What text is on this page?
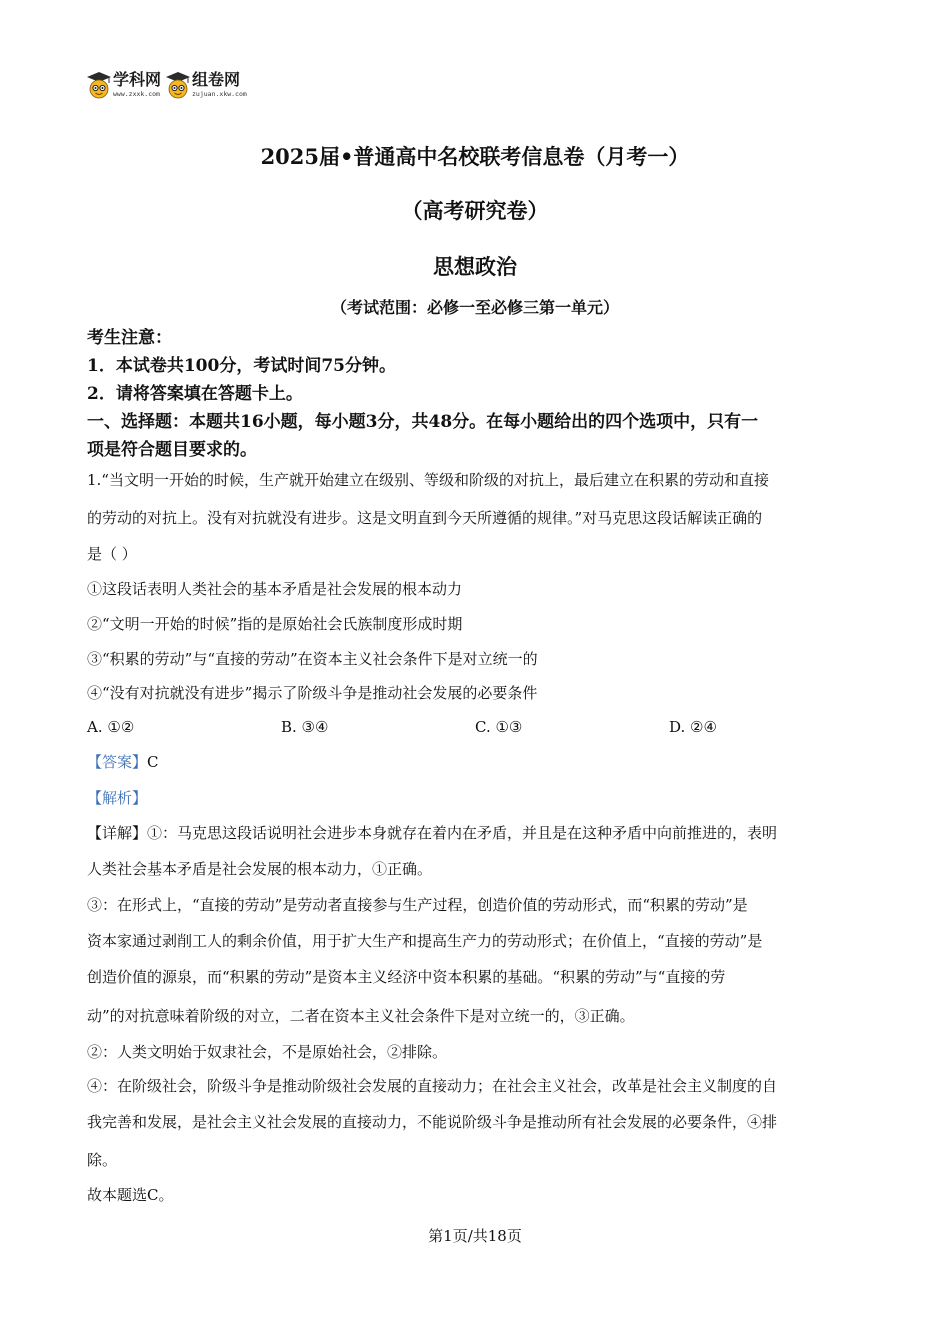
学科网
www.zxxk.com
组卷网
zujuan.xkw.com
2025届•普通高中名校联考信息卷（月考一）
（高考研究卷）
思想政治
（考试范围：必修一至必修三第一单元）
考生注意：
1．本试卷共100分，考试时间75分钟。
2．请将答案填在答题卡上。
一、选择题：本题共16小题，每小题3分，共48分。在每小题给出的四个选项中，只有一
项是符合题目要求的。
1.“当文明一开始的时候，生产就开始建立在级别、等级和阶级的对抗上，最后建立在积累的劳动和直接
的劳动的对抗上。没有对抗就没有进步。这是文明直到今天所遵循的规律。”对马克思这段话解读正确的
是（ ）
①这段话表明人类社会的基本矛盾是社会发展的根本动力
②“文明一开始的时候”指的是原始社会氏族制度形成时期
③“积累的劳动”与“直接的劳动”在资本主义社会条件下是对立统一的
④“没有对抗就没有进步”揭示了阶级斗争是推动社会发展的必要条件
A. ①②	B. ③④	C. ①③	D. ②④
【答案】C
【解析】
【详解】①：马克思这段话说明社会进步本身就存在着内在矛盾，并且是在这种矛盾中向前推进的，表明
人类社会基本矛盾是社会发展的根本动力，①正确。
③：在形式上，“直接的劳动”是劳动者直接参与生产过程，创造价值的劳动形式，而“积累的劳动”是
资本家通过剥削工人的剩余价值，用于扩大生产和提高生产力的劳动形式；在价值上，“直接的劳动”是
创造价值的源泉，而“积累的劳动”是资本主义经济中资本积累的基础。“积累的劳动”与“直接的劳
动”的对抗意味着阶级的对立，二者在资本主义社会条件下是对立统一的，③正确。
②：人类文明始于奴隶社会，不是原始社会，②排除。
④：在阶级社会，阶级斗争是推动阶级社会发展的直接动力；在社会主义社会，改革是社会主义制度的自
我完善和发展，是社会主义社会发展的直接动力，不能说阶级斗争是推动所有社会发展的必要条件，④排
除。
故本题选C。
第1页/共18页
